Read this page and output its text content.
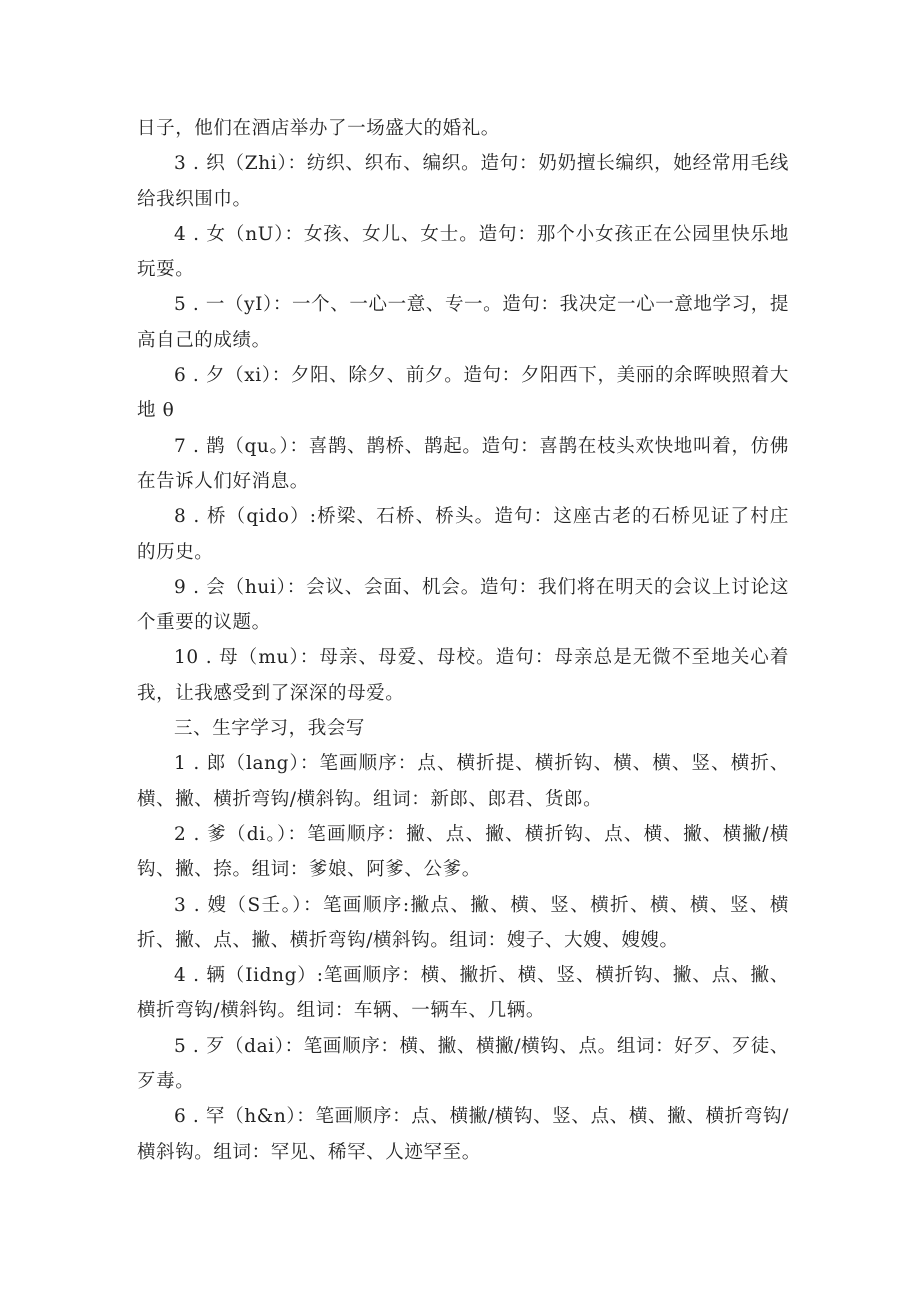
日子，他们在酒店举办了一场盛大的婚礼。

3 . 织（Zhi）：纺织、织布、编织。造句：奶奶擅长编织，她经常用毛线给我织围巾。

4 . 女（nU）：女孩、女儿、女士。造句：那个小女孩正在公园里快乐地玩耍。

5 . 一（yI）：一个、一心一意、专一。造句：我决定一心一意地学习，提高自己的成绩。

6 . 夕（xi）：夕阳、除夕、前夕。造句：夕阳西下，美丽的余晖映照着大地 θ

7 . 鹊（qu。）：喜鹊、鹊桥、鹊起。造句：喜鹊在枝头欢快地叫着，仿佛在告诉人们好消息。

8 . 桥（qido）:桥梁、石桥、桥头。造句：这座古老的石桥见证了村庄的历史。

9 . 会（hui）：会议、会面、机会。造句：我们将在明天的会议上讨论这个重要的议题。

10 . 母（mu）：母亲、母爱、母校。造句：母亲总是无微不至地关心着我，让我感受到了深深的母爱。

三、生字学习，我会写

1 . 郎（lang）：笔画顺序：点、横折提、横折钩、横、横、竖、横折、横、撇、横折弯钩/横斜钩。组词：新郎、郎君、货郎。

2 . 爹（di。）：笔画顺序：撇、点、撇、横折钩、点、横、撇、横撇/横钩、撇、捺。组词：爹娘、阿爹、公爹。

3 . 嫂（S壬。）：笔画顺序:撇点、撇、横、竖、横折、横、横、竖、横折、撇、点、撇、横折弯钩/横斜钩。组词：嫂子、大嫂、嫂嫂。

4 . 辆（Iidng）:笔画顺序：横、撇折、横、竖、横折钩、撇、点、撇、横折弯钩/横斜钩。组词：车辆、一辆车、几辆。

5 . 歹（dai）：笔画顺序：横、撇、横撇/横钩、点。组词：好歹、歹徒、歹毒。

6 . 罕（h&n）：笔画顺序：点、横撇/横钩、竖、点、横、撇、横折弯钩/横斜钩。组词：罕见、稀罕、人迹罕至。
